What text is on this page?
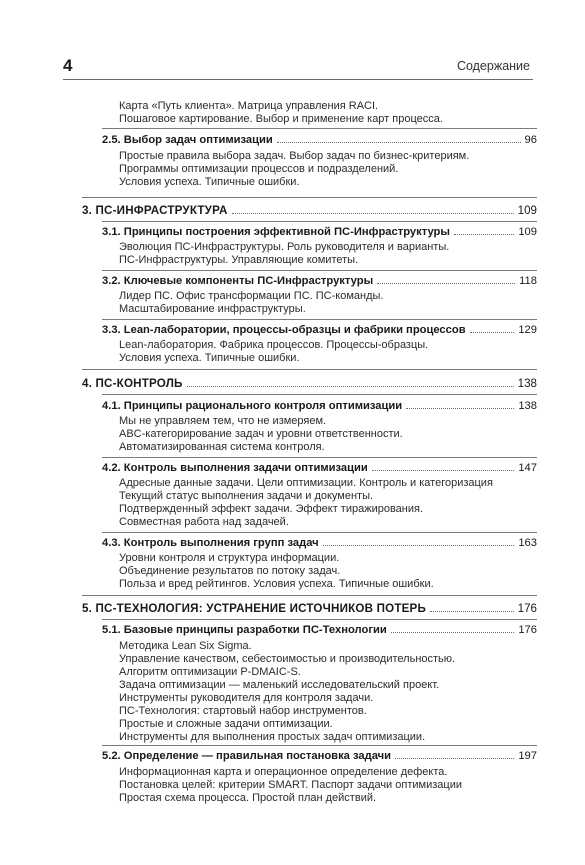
4	Содержание
Карта «Путь клиента». Матрица управления RACI.
Пошаговое картирование. Выбор и применение карт процесса.
2.5. Выбор задач оптимизации	96
Простые правила выбора задач. Выбор задач по бизнес-критериям.
Программы оптимизации процессов и подразделений.
Условия успеха. Типичные ошибки.
3. ПС-ИНФРАСТРУКТУРА	109
3.1. Принципы построения эффективной ПС-Инфраструктуры	109
Эволюция ПС-Инфраструктуры. Роль руководителя и варианты.
ПС-Инфраструктуры. Управляющие комитеты.
3.2. Ключевые компоненты ПС-Инфраструктуры	118
Лидер ПС. Офис трансформации ПС. ПС-команды.
Масштабирование инфраструктуры.
3.3. Lean-лаборатории, процессы-образцы и фабрики процессов	129
Lean-лаборатория. Фабрика процессов. Процессы-образцы.
Условия успеха. Типичные ошибки.
4. ПС-КОНТРОЛЬ	138
4.1. Принципы рационального контроля оптимизации	138
Мы не управляем тем, что не измеряем.
ABC-категорирование задач и уровни ответственности.
Автоматизированная система контроля.
4.2. Контроль выполнения задачи оптимизации	147
Адресные данные задачи. Цели оптимизации. Контроль и категоризация
Текущий статус выполнения задачи и документы.
Подтвержденный эффект задачи. Эффект тиражирования.
Совместная работа над задачей.
4.3. Контроль выполнения групп задач	163
Уровни контроля и структура информации.
Объединение результатов по потоку задач.
Польза и вред рейтингов. Условия успеха. Типичные ошибки.
5. ПС-ТЕХНОЛОГИЯ: УСТРАНЕНИЕ ИСТОЧНИКОВ ПОТЕРЬ	176
5.1. Базовые принципы разработки ПС-Технологии	176
Методика Lean Six Sigma.
Управление качеством, себестоимостью и производительностью.
Алгоритм оптимизации P-DMAIC-S.
Задача оптимизации — маленький исследовательский проект.
Инструменты руководителя для контроля задачи.
ПС-Технология: стартовый набор инструментов.
Простые и сложные задачи оптимизации.
Инструменты для выполнения простых задач оптимизации.
5.2. Определение — правильная постановка задачи	197
Информационная карта и операционное определение дефекта.
Постановка целей: критерии SMART. Паспорт задачи оптимизации
Простая схема процесса. Простой план действий.
